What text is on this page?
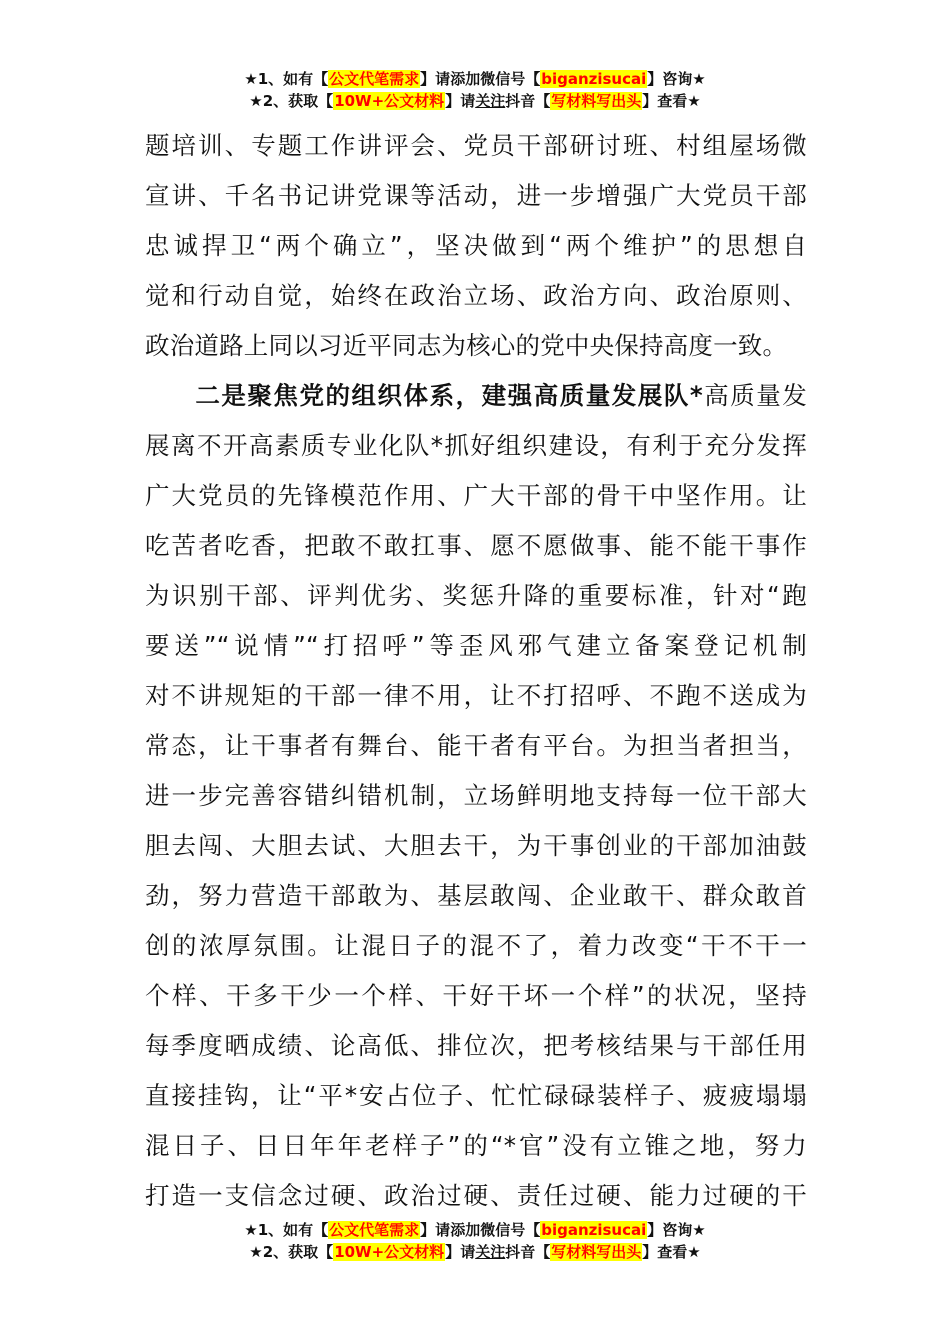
★1、如有【公文代笔需求】请添加微信号【biganzisucai】咨询★
★2、获取【10W+公文材料】请关注抖音【写材料写出头】查看★
题培训、专题工作讲评会、党员干部研讨班、村组屋场微
宣讲、千名书记讲党课等活动，进一步增强广大党员干部
忠诚捍卫“两个确立”，坚决做到“两个维护”的思想自
觉和行动自觉，始终在政治立场、政治方向、政治原则、
政治道路上同以习近平同志为核心的党中央保持高度一致。
二是聚焦党的组织体系，建强高质量发展队*高质量发
展离不开高素质专业化队*抓好组织建设，有利于充分发挥
广大党员的先锋模范作用、广大干部的骨干中坚作用。让
吃苦者吃香，把敢不敢扛事、愿不愿做事、能不能干事作
为识别干部、评判优劣、奖惩升降的重要标准，针对“跑
要送”“说情”“打招呼”等歪风邪气建立备案登记机制
对不讲规矩的干部一律不用，让不打招呼、不跑不送成为
常态，让干事者有舞台、能干者有平台。为担当者担当，
进一步完善容错纠错机制，立场鲜明地支持每一位干部大
胆去闯、大胆去试、大胆去干，为干事创业的干部加油鼓
劲，努力营造干部敢为、基层敢闯、企业敢干、群众敢首
创的浓厚氛围。让混日子的混不了，着力改变“干不干一
个样、干多干少一个样、干好干坏一个样”的状况，坚持
每季度晒成绩、论高低、排位次，把考核结果与干部任用
直接挂钩，让“平*安占位子、忙忙碌碌装样子、疲疲塌塌
混日子、日日年年老样子”的“*官”没有立锥之地，努力
打造一支信念过硬、政治过硬、责任过硬、能力过硬的干
★1、如有【公文代笔需求】请添加微信号【biganzisucai】咨询★
★2、获取【10W+公文材料】请关注抖音【写材料写出头】查看★
